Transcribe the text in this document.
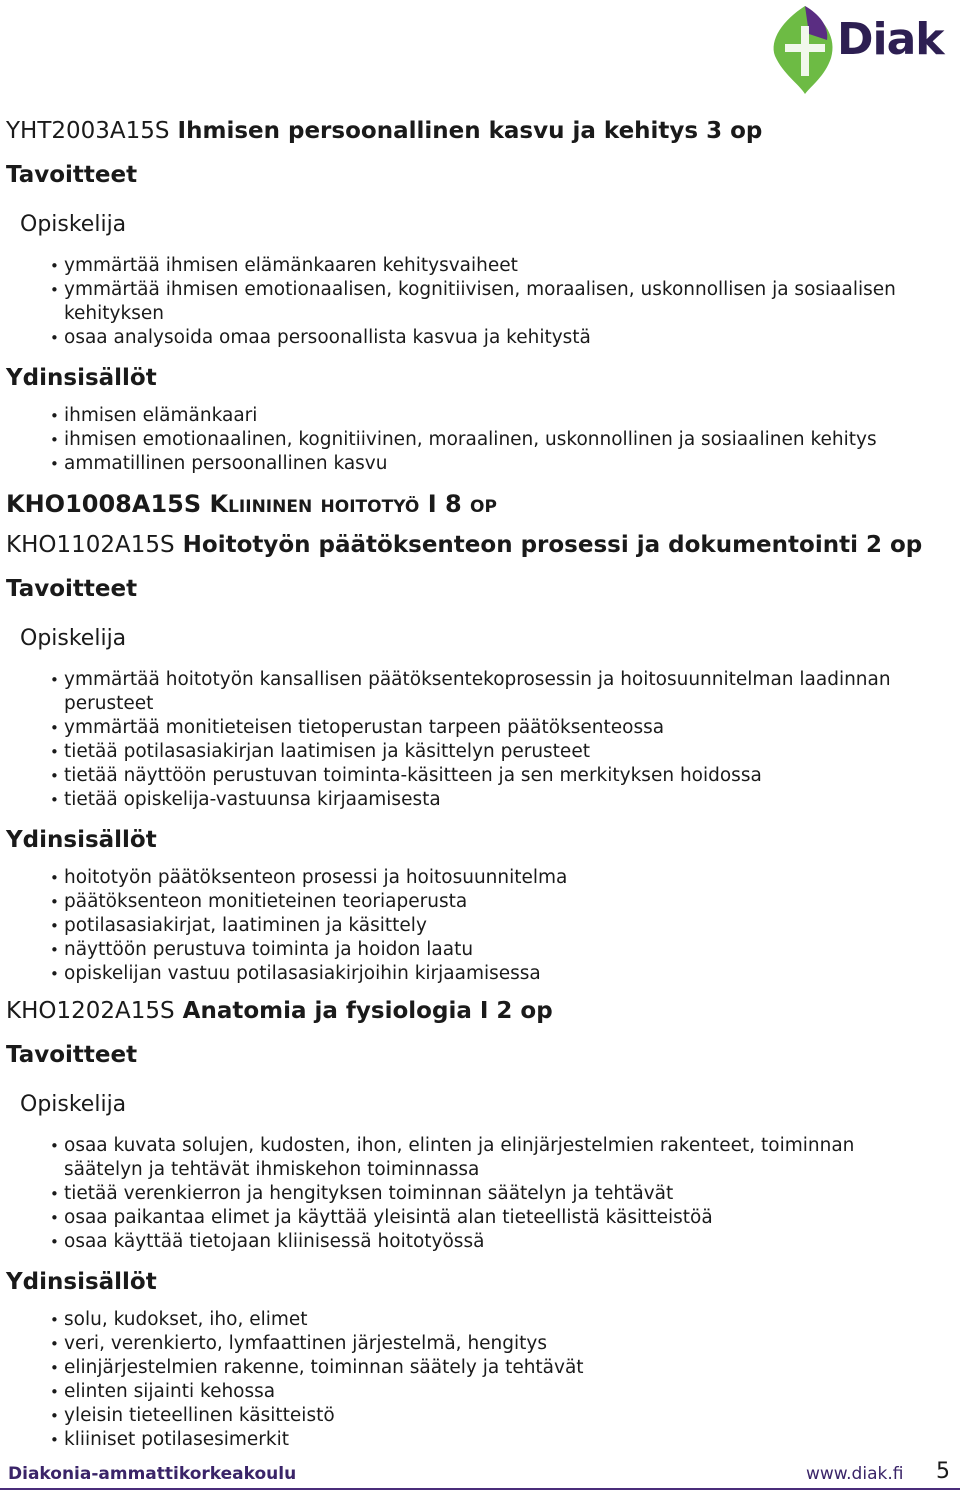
Diak
YHT2003A15S Ihmisen persoonallinen kasvu ja kehitys 3 op
Tavoitteet
Opiskelija
• ymmärtää ihmisen elämänkaaren kehitysvaiheet
• ymmärtää ihmisen emotionaalisen, kognitiivisen, moraalisen, uskonnollisen ja sosiaalisen kehityksen
• osaa analysoida omaa persoonallista kasvua ja kehitystä
Ydinsisällöt
• ihmisen elämänkaari
• ihmisen emotionaalinen, kognitiivinen, moraalinen, uskonnollinen ja sosiaalinen kehitys
• ammatillinen persoonallinen kasvu
KHO1008A15S Kliininen hoitotyö I 8 op
KHO1102A15S Hoitotyön päätöksenteon prosessi ja dokumentointi 2 op
Tavoitteet
Opiskelija
• ymmärtää hoitotyön kansallisen päätöksentekoprosessin ja hoitosuunnitelman laadinnan perusteet
• ymmärtää monitieteisen tietoperustan tarpeen päätöksenteossa
• tietää potilasasiakirjan laatimisen ja käsittelyn perusteet
• tietää näyttöön perustuvan toiminta-käsitteen ja sen merkityksen hoidossa
• tietää opiskelija-vastuunsa kirjaamisesta
Ydinsisällöt
• hoitotyön päätöksenteon prosessi ja hoitosuunnitelma
• päätöksenteon monitieteinen teoriaperusta
• potilasasiakirjat, laatiminen ja käsittely
• näyttöön perustuva toiminta ja hoidon laatu
• opiskelijan vastuu potilasasiakirjoihin kirjaamisessa
KHO1202A15S Anatomia ja fysiologia I 2 op
Tavoitteet
Opiskelija
• osaa kuvata solujen, kudosten, ihon, elinten ja elinjärjestelmien rakenteet, toiminnan säätelyn ja tehtävät ihmiskehon toiminnassa
• tietää verenkierron ja hengityksen toiminnan säätelyn ja tehtävät
• osaa paikantaa elimet ja käyttää yleisintä alan tieteellistä käsitteistöä
• osaa käyttää tietojaan kliinisessä hoitotyössä
Ydinsisällöt
• solu, kudokset, iho, elimet
• veri, verenkierto, lymfaattinen järjestelmä, hengitys
• elinjärjestelmien rakenne, toiminnan säätely ja tehtävät
• elinten sijainti kehossa
• yleisin tieteellinen käsitteistö
• kliiniset potilasesimerkit
Diakonia-ammattikorkeakoulu	www.diak.fi 5
